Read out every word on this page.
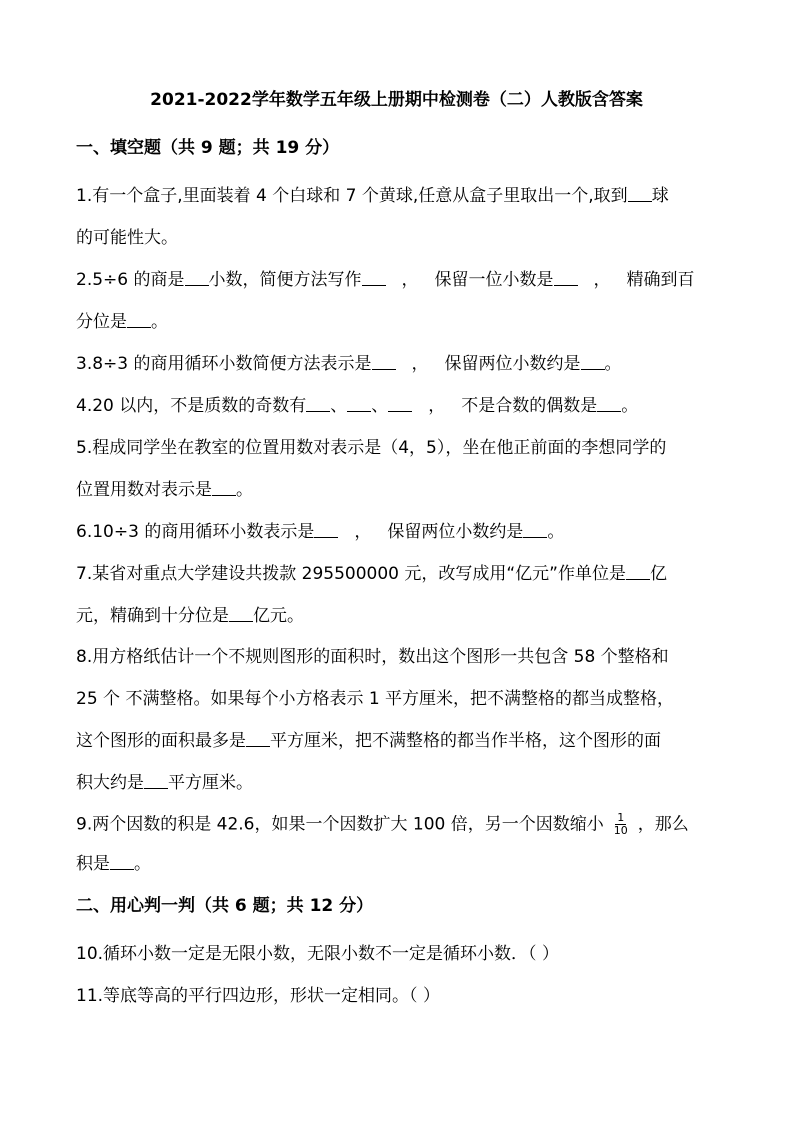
2021-2022学年数学五年级上册期中检测卷（二）人教版含答案
一、填空题（共 9 题；共 19 分）
1.有一个盒子,里面装着 4 个白球和 7 个黄球,任意从盒子里取出一个,取到 球
的可能性大。
2.5÷6 的商是 小数，简便方法写作 ， 保留一位小数是 ， 精确到百
分位是 。
3.8÷3 的商用循环小数简便方法表示是 ， 保留两位小数约是 。
4.20 以内，不是质数的奇数有 、 、 ， 不是合数的偶数是 。
5.程成同学坐在教室的位置用数对表示是（4，5），坐在他正前面的李想同学的
位置用数对表示是 。
6.10÷3 的商用循环小数表示是 ， 保留两位小数约是 。
7.某省对重点大学建设共拨款 295500000 元，改写成用“亿元”作单位是 亿
元，精确到十分位是 亿元。
8.用方格纸估计一个不规则图形的面积时，数出这个图形一共包含 58 个整格和
25 个 不满整格。如果每个小方格表示 1 平方厘米，把不满整格的都当成整格，
这个图形的面积最多是 平方厘米，把不满整格的都当作半格，这个图形的面
积大约是 平方厘米。
9.两个因数的积是 42.6，如果一个因数扩大 100 倍，另一个因数缩小 $\frac{1}{10}$ ，那么
积是 。
二、用心判一判（共 6 题；共 12 分）
10.循环小数一定是无限小数，无限小数不一定是循环小数．（ ）
11.等底等高的平行四边形，形状一定相同。（ ）
